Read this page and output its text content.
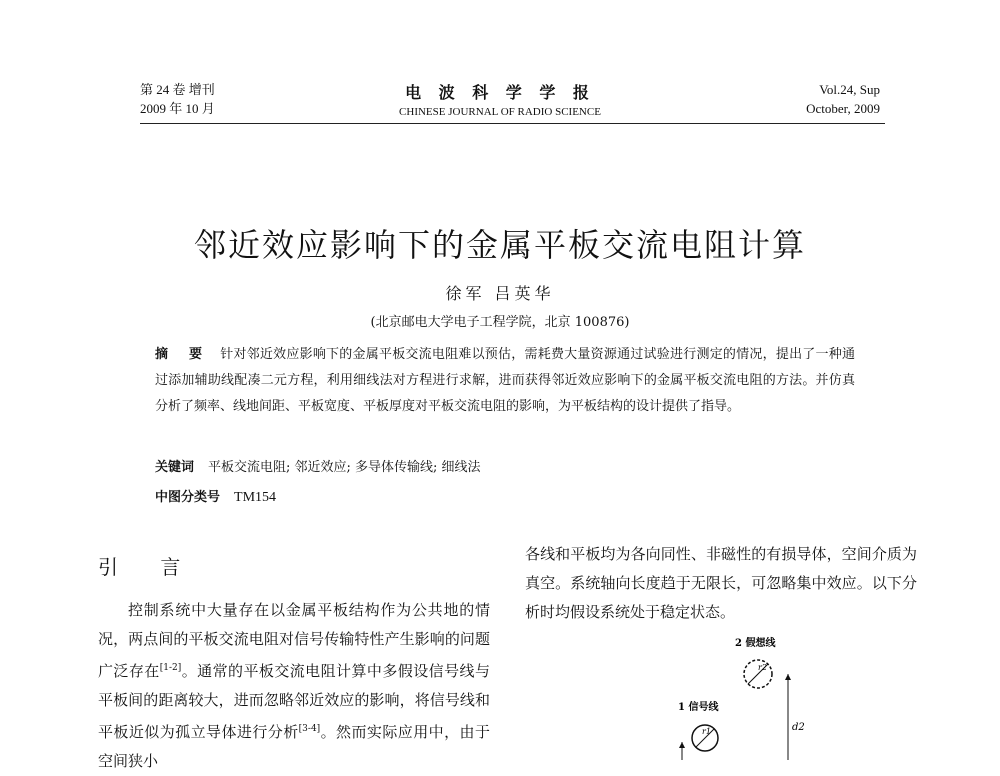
第 24 卷 增刊
2009 年 10 月
电 波 科 学 学 报
CHINESE JOURNAL OF RADIO SCIENCE
Vol.24, Sup
October, 2009
邻近效应影响下的金属平板交流电阻计算
徐军 吕英华
(北京邮电大学电子工程学院，北京 100876)
摘 要 针对邻近效应影响下的金属平板交流电阻难以预估，需耗费大量资源通过试验进行测定的情况，提出了一种通过添加辅助线配凑二元方程，利用细线法对方程进行求解，进而获得邻近效应影响下的金属平板交流电阻的方法。并仿真分析了频率、线地间距、平板宽度、平板厚度对平板交流电阻的影响，为平板结构的设计提供了指导。
关键词 平板交流电阻; 邻近效应; 多导体传输线; 细线法
中图分类号 TM154
引 言
控制系统中大量存在以金属平板结构作为公共地的情况，两点间的平板交流电阻对信号传输特性产生影响的问题广泛存在[1-2]。通常的平板交流电阻计算中多假设信号线与平板间的距离较大，进而忽略邻近效应的影响，将信号线和平板近似为孤立导体进行分析[3-4]。然而实际应用中，由于空间狭小
各线和平板均为各向同性、非磁性的有损导体，空间介质为真空。系统轴向长度趋于无限长，可忽略集中效应。以下分析时均假设系统处于稳定状态。
2 假想线
r2
d2
1 信号线
r1
